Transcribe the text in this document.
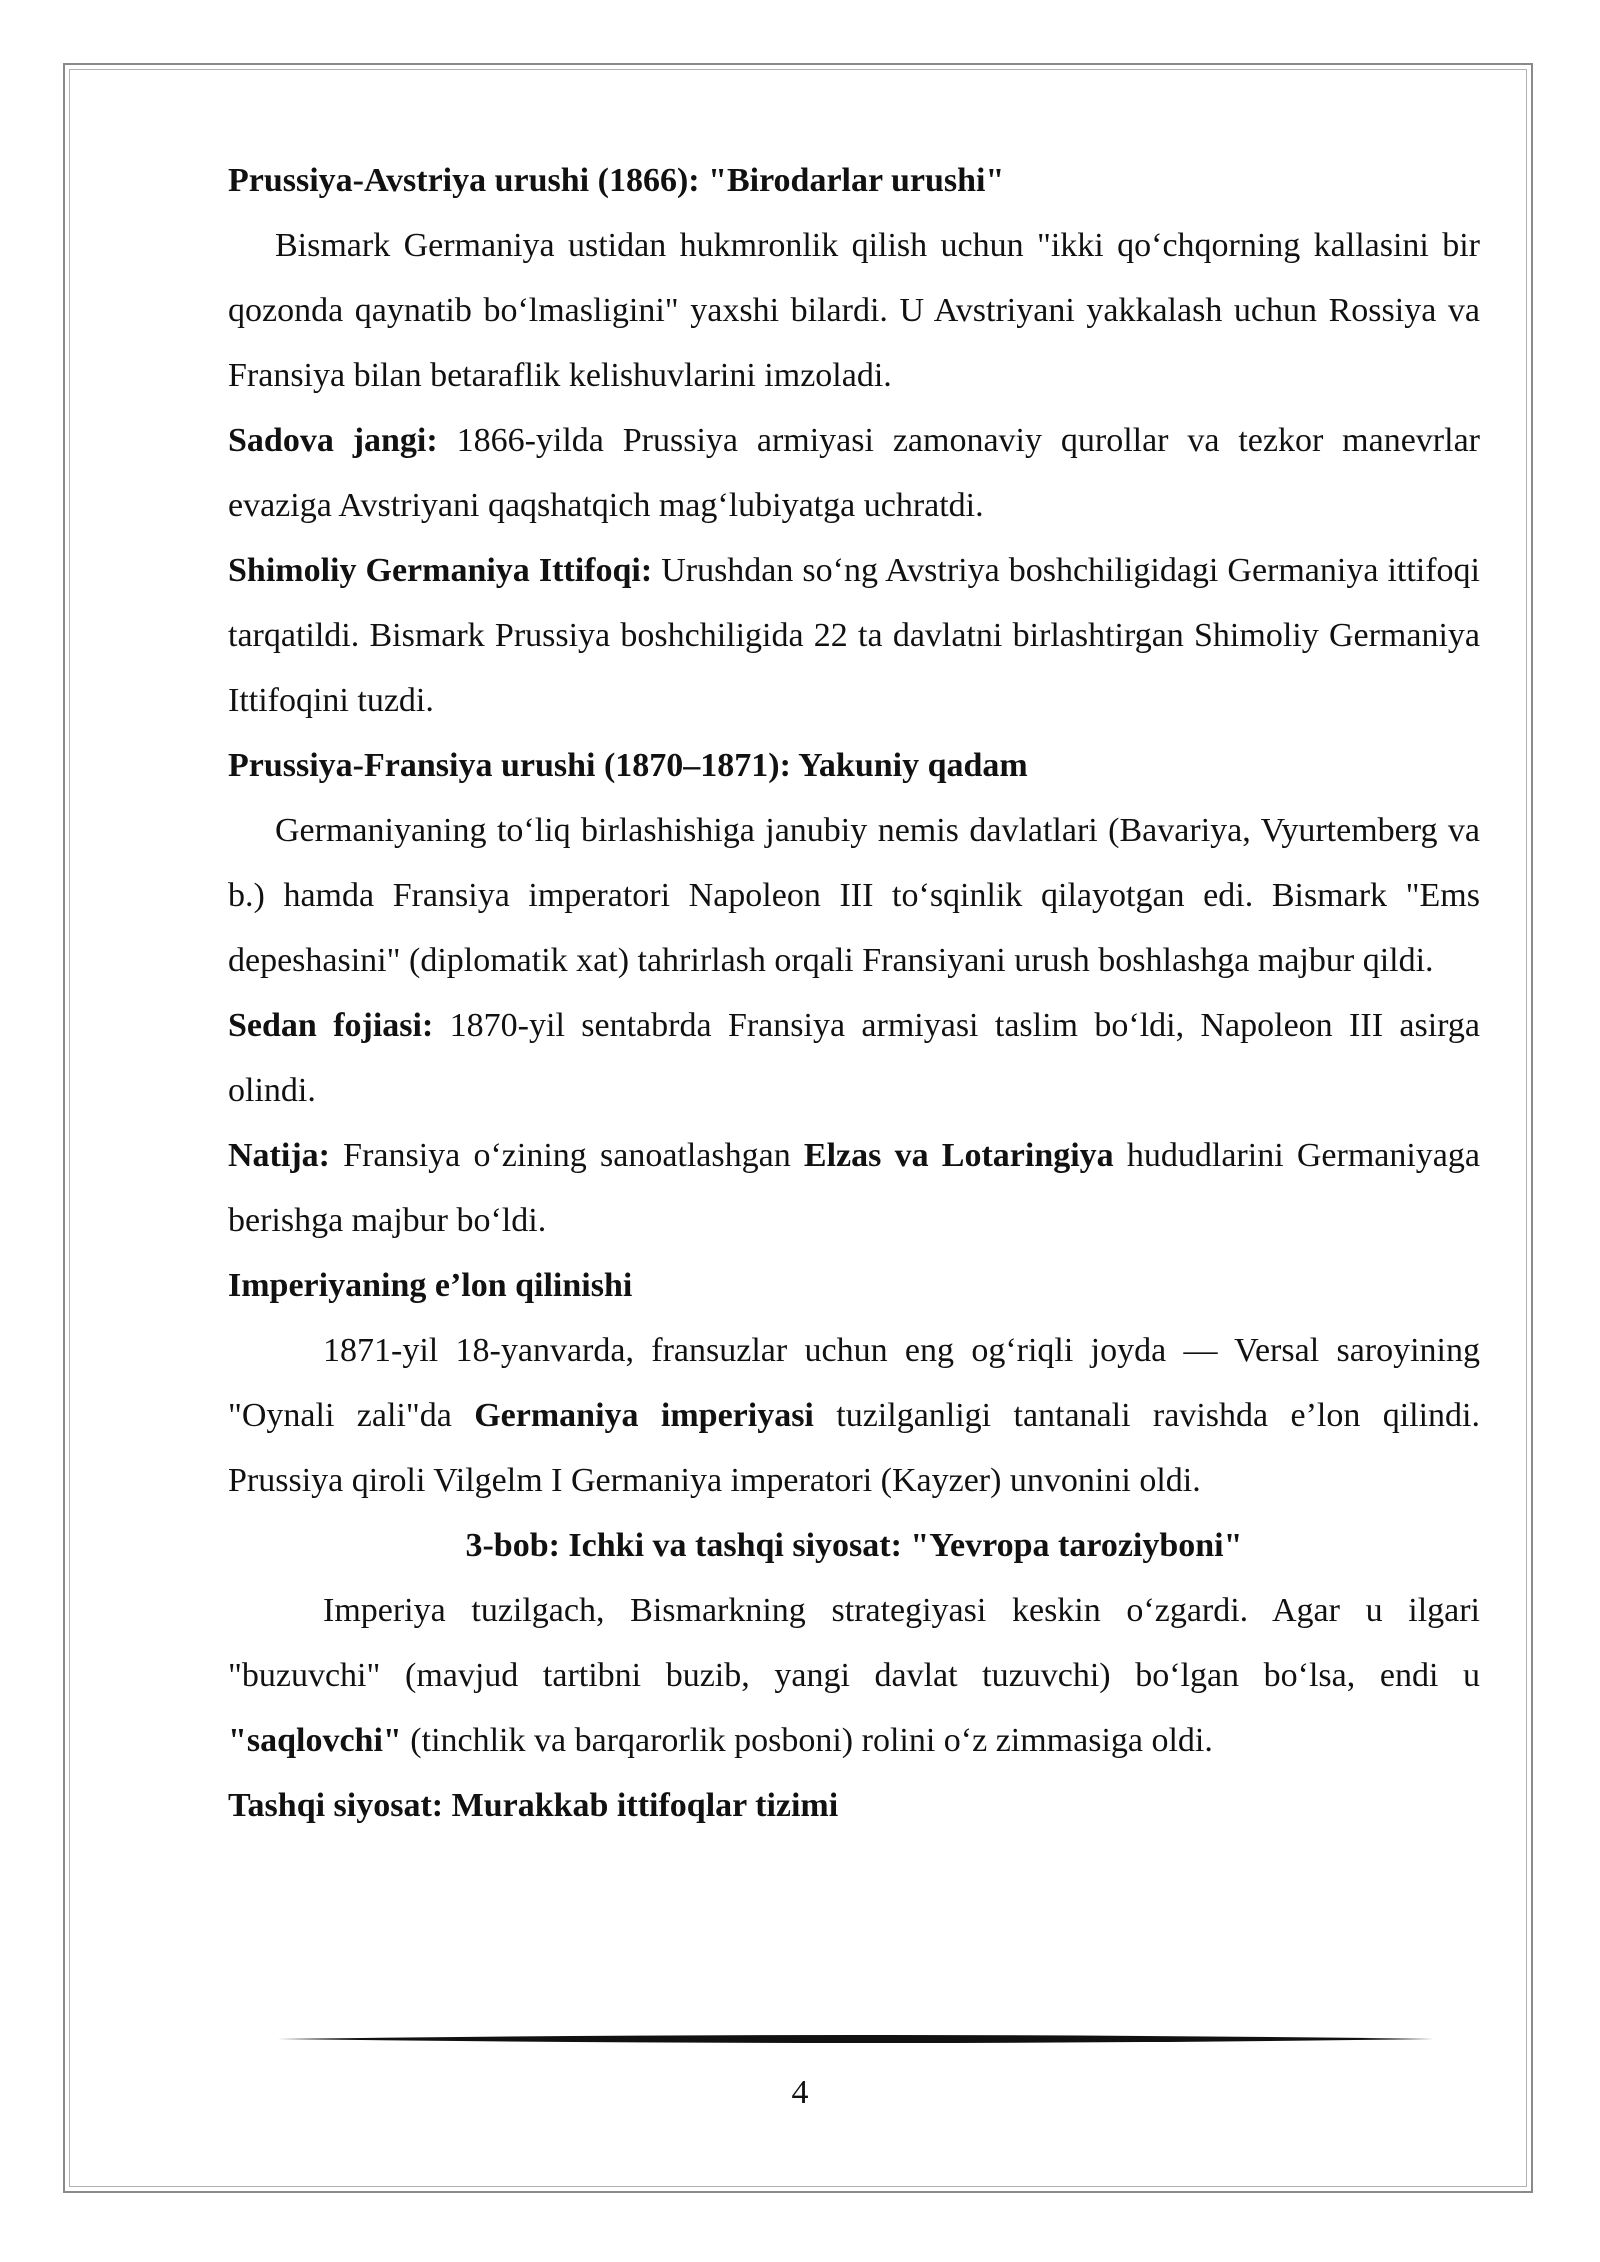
Prussiya-Avstriya urushi (1866): "Birodarlar urushi"

Bismark Germaniya ustidan hukmronlik qilish uchun "ikki qo‘chqorning kallasini bir qozonda qaynatib bo‘lmasligini" yaxshi bilardi. U Avstriyani yakkalash uchun Rossiya va Fransiya bilan betaraflik kelishuvlarini imzoladi.

Sadova jangi: 1866-yilda Prussiya armiyasi zamonaviy qurollar va tezkor manevrlar evaziga Avstriyani qaqshatqich mag‘lubiyatga uchratdi.

Shimoliy Germaniya Ittifoqi: Urushdan so‘ng Avstriya boshchiligidagi Germaniya ittifoqi tarqatildi. Bismark Prussiya boshchiligida 22 ta davlatni birlashtirgan Shimoliy Germaniya Ittifoqini tuzdi.

Prussiya-Fransiya urushi (1870–1871): Yakuniy qadam

Germaniyaning to‘liq birlashishiga janubiy nemis davlatlari (Bavariya, Vyurtemberg va b.) hamda Fransiya imperatori Napoleon III to‘sqinlik qilayotgan edi. Bismark "Ems depeshasini" (diplomatik xat) tahrirlash orqali Fransiyani urush boshlashga majbur qildi.

Sedan fojiasi: 1870-yil sentabrda Fransiya armiyasi taslim bo‘ldi, Napoleon III asirga olindi.

Natija: Fransiya o‘zining sanoatlashgan Elzas va Lotaringiya hududlarini Germaniyaga berishga majbur bo‘ldi.

Imperiyaning e’lon qilinishi

1871-yil 18-yanvarda, fransuzlar uchun eng og‘riqli joyda — Versal saroyining "Oynali zali"da Germaniya imperiyasi tuzilganligi tantanali ravishda e’lon qilindi. Prussiya qiroli Vilgelm I Germaniya imperatori (Kayzer) unvonini oldi.

3-bob: Ichki va tashqi siyosat: "Yevropa taroziyboni"

Imperiya tuzilgach, Bismarkning strategiyasi keskin o‘zgardi. Agar u ilgari "buzuvchi" (mavjud tartibni buzib, yangi davlat tuzuvchi) bo‘lgan bo‘lsa, endi u "saqlovchi" (tinchlik va barqarorlik posboni) rolini o‘z zimmasiga oldi.

Tashqi siyosat: Murakkab ittifoqlar tizimi

4
